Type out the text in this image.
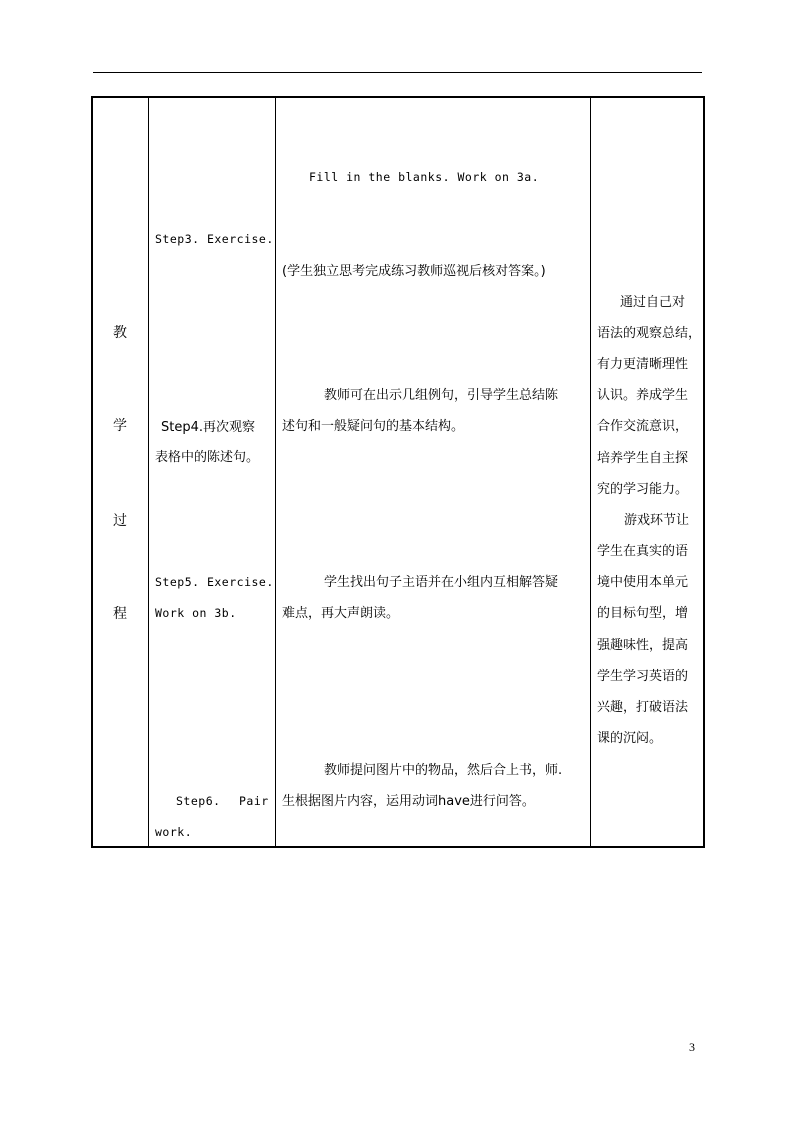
教
学
过
程
Step3. Exercise.
Step4.再次观察
表格中的陈述句。
Step5. Exercise.
Work on 3b.
Step6. Pair
work.
Fill in the blanks. Work on 3a.
(学生独立思考完成练习教师巡视后核对答案。)
教师可在出示几组例句，引导学生总结陈
述句和一般疑问句的基本结构。
学生找出句子主语并在小组内互相解答疑
难点，再大声朗读。
教师提问图片中的物品，然后合上书，师.
生根据图片内容，运用动词have进行问答。
通过自己对
语法的观察总结，
有力更清晰理性
认识。养成学生
合作交流意识，
培养学生自主探
究的学习能力。
游戏环节让
学生在真实的语
境中使用本单元
的目标句型，增
强趣味性，提高
学生学习英语的
兴趣，打破语法
课的沉闷。
3
